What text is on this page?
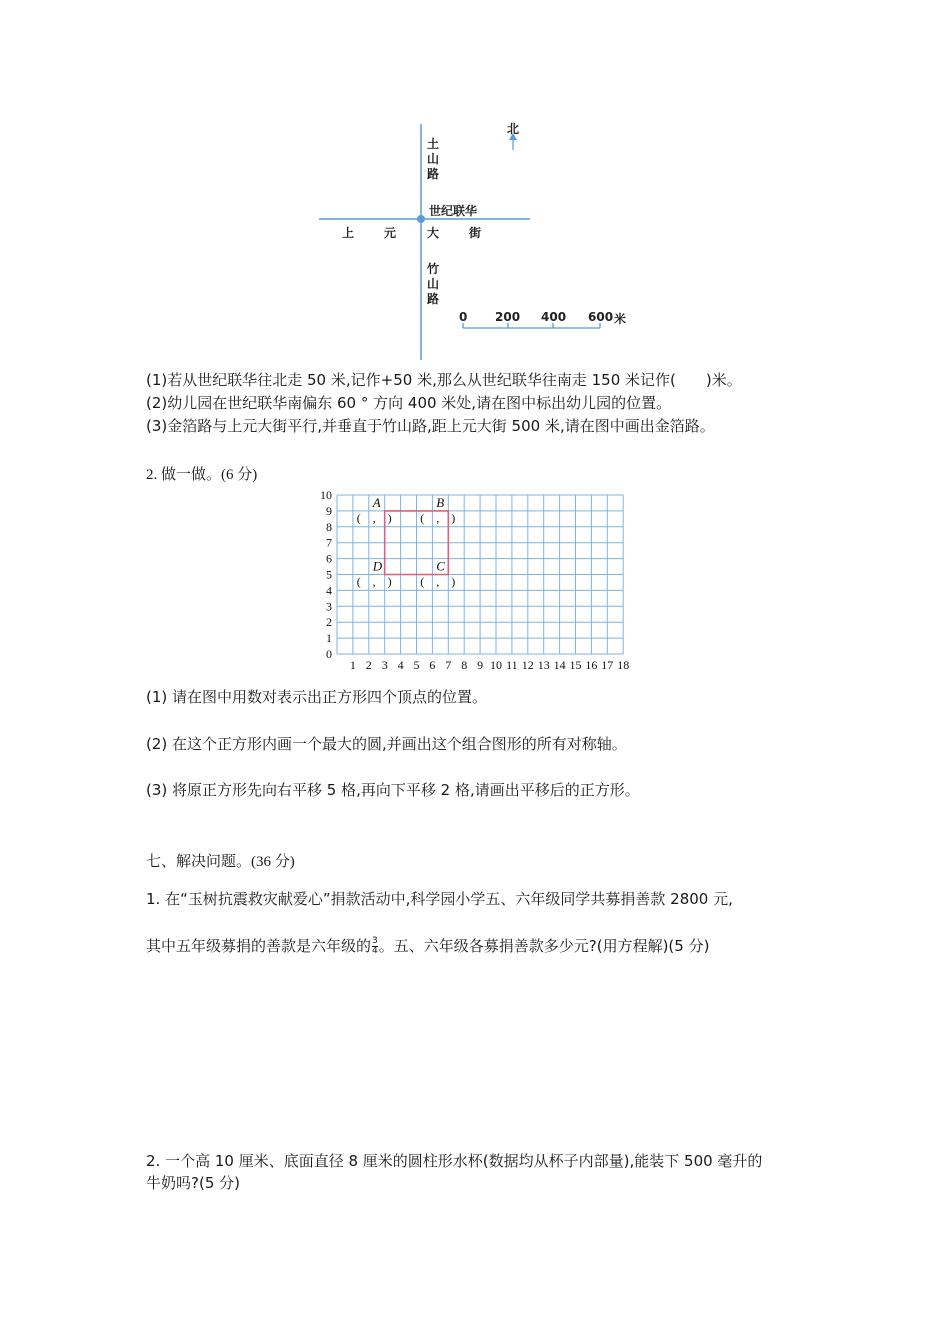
北
土山路
世纪联华
上 元	大 街
竹山路
0 200 400 600 米
(1)若从世纪联华往北走 50 米,记作+50 米,那么从世纪联华往南走 150 米记作(　　)米。
(2)幼儿园在世纪联华南偏东 60 ° 方向 400 米处,请在图中标出幼儿园的位置。
(3)金箔路与上元大街平行,并垂直于竹山路,距上元大街 500 米,请在图中画出金箔路。
2. 做一做。(6 分)
1 2 3 4 5 6 7 8 9 10 11 12 13 14 15 16 17 18
0
1
2
3
4
5
6
7
8
9
10	A
(　,　)
B
(　,　)
C
(　,　)
D
(　,　)
(1) 请在图中用数对表示出正方形四个顶点的位置。
(2) 在这个正方形内画一个最大的圆,并画出这个组合图形的所有对称轴。
(3) 将原正方形先向右平移 5 格,再向下平移 2 格,请画出平移后的正方形。
七、解决问题。(36 分)
1. 在“玉树抗震救灾献爱心”捐款活动中,科学园小学五、六年级同学共募捐善款 2800 元,
其中五年级募捐的善款是六年级的 $\frac{3}{4}$ 。五、六年级各募捐善款多少元?(用方程解)(5 分)
2. 一个高 10 厘米、底面直径 8 厘米的圆柱形水杯(数据均从杯子内部量),能装下 500 毫升的
牛奶吗?(5 分)
